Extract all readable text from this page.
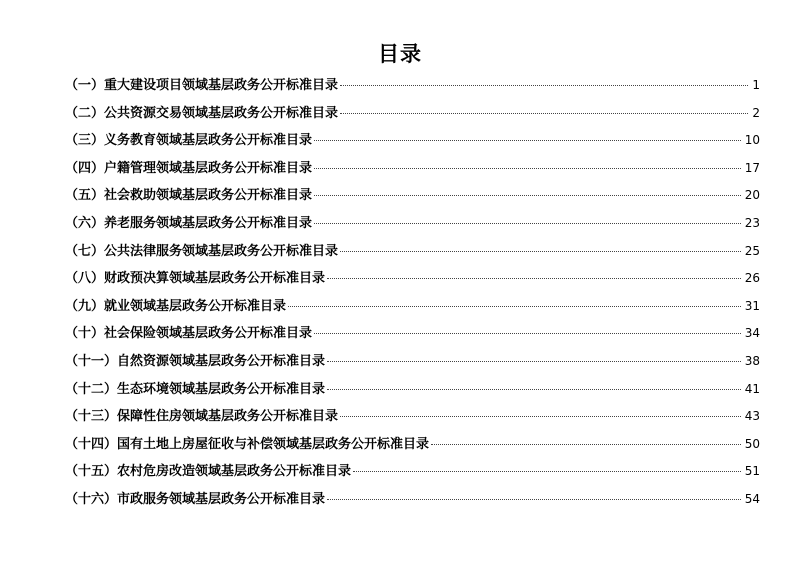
目录
（一）重大建设项目领域基层政务公开标准目录	1
（二）公共资源交易领域基层政务公开标准目录	2
（三）义务教育领域基层政务公开标准目录	10
（四）户籍管理领域基层政务公开标准目录	17
（五）社会救助领域基层政务公开标准目录	20
（六）养老服务领域基层政务公开标准目录	23
（七）公共法律服务领域基层政务公开标准目录	25
（八）财政预决算领域基层政务公开标准目录	26
（九）就业领域基层政务公开标准目录	31
（十）社会保险领域基层政务公开标准目录	34
（十一）自然资源领域基层政务公开标准目录	38
（十二）生态环境领域基层政务公开标准目录	41
（十三）保障性住房领域基层政务公开标准目录	43
（十四）国有土地上房屋征收与补偿领域基层政务公开标准目录	50
（十五）农村危房改造领域基层政务公开标准目录	51
（十六）市政服务领域基层政务公开标准目录	54
